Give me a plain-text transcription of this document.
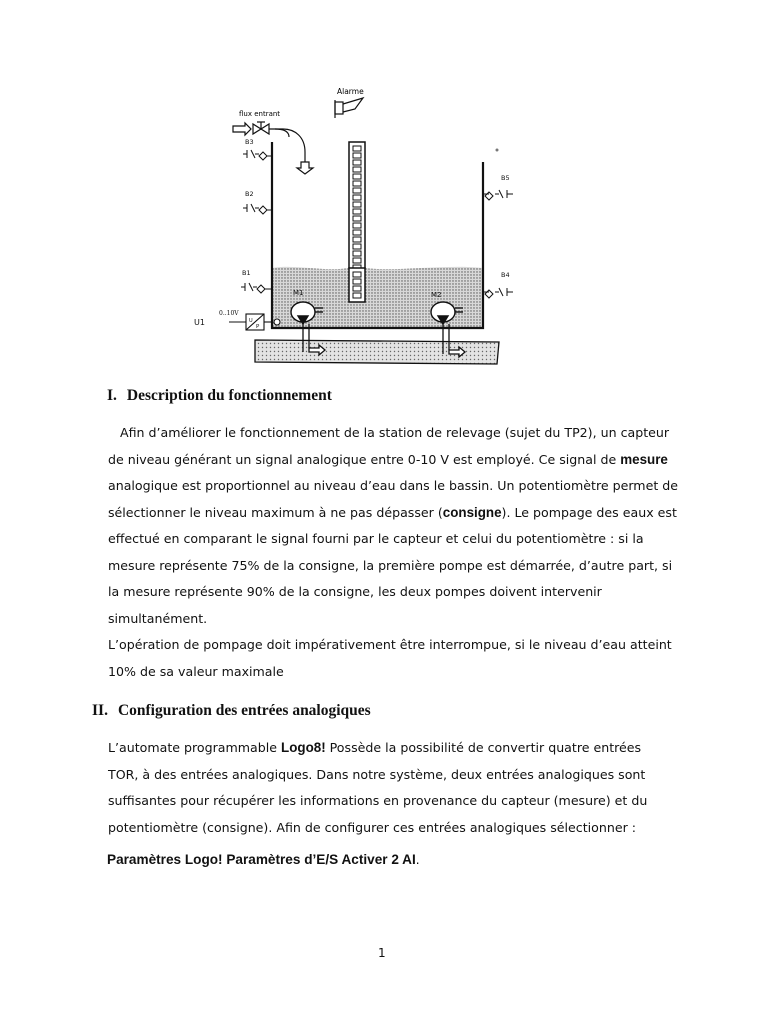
Alarme
flux entrant
B3
B2
B1
B5
B4
M1	M2
U
P
0..10V
U1
I. Description du fonctionnement
Afin d’améliorer le fonctionnement de la station de relevage (sujet du TP2), un capteur
de niveau générant un signal analogique entre 0-10 V est employé. Ce signal de mesure
analogique est proportionnel au niveau d’eau dans le bassin. Un potentiomètre permet de
sélectionner le niveau maximum à ne pas dépasser (consigne). Le pompage des eaux est
effectué en comparant le signal fourni par le capteur et celui du potentiomètre : si la
mesure représente 75% de la consigne, la première pompe est démarrée, d’autre part, si
la mesure représente 90% de la consigne, les deux pompes doivent intervenir
simultanément.
L’opération de pompage doit impérativement être interrompue, si le niveau d’eau atteint
10% de sa valeur maximale
II. Configuration des entrées analogiques
L’automate programmable Logo8! Possède la possibilité de convertir quatre entrées
TOR, à des entrées analogiques. Dans notre système, deux entrées analogiques sont
suffisantes pour récupérer les informations en provenance du capteur (mesure) et du
potentiomètre (consigne). Afin de configurer ces entrées analogiques sélectionner :
Paramètres Logo! Paramètres d’E/S Activer 2 AI.
1
